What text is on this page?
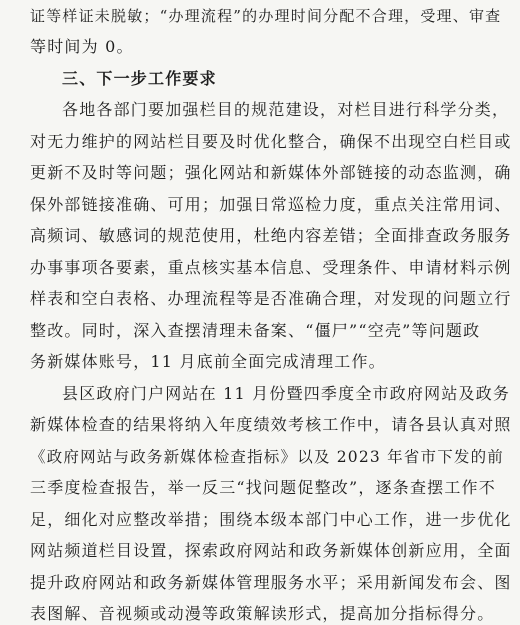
证等样证未脱敏；“办理流程”的办理时间分配不合理，受理、审查
等时间为 0。
三、下一步工作要求
各地各部门要加强栏目的规范建设，对栏目进行科学分类，
对无力维护的网站栏目要及时优化整合，确保不出现空白栏目或
更新不及时等问题；强化网站和新媒体外部链接的动态监测，确
保外部链接准确、可用；加强日常巡检力度，重点关注常用词、
高频词、敏感词的规范使用，杜绝内容差错；全面排查政务服务
办事事项各要素，重点核实基本信息、受理条件、申请材料示例
样表和空白表格、办理流程等是否准确合理，对发现的问题立行
整改。同时，深入查摆清理未备案、“僵尸”“空壳”等问题政
务新媒体账号，11 月底前全面完成清理工作。
县区政府门户网站在 11 月份暨四季度全市政府网站及政务
新媒体检查的结果将纳入年度绩效考核工作中，请各县认真对照
《政府网站与政务新媒体检查指标》以及 2023 年省市下发的前
三季度检查报告，举一反三“找问题促整改”，逐条查摆工作不
足，细化对应整改举措；围绕本级本部门中心工作，进一步优化
网站频道栏目设置，探索政府网站和政务新媒体创新应用，全面
提升政府网站和政务新媒体管理服务水平；采用新闻发布会、图
表图解、音视频或动漫等政策解读形式，提高加分指标得分。
